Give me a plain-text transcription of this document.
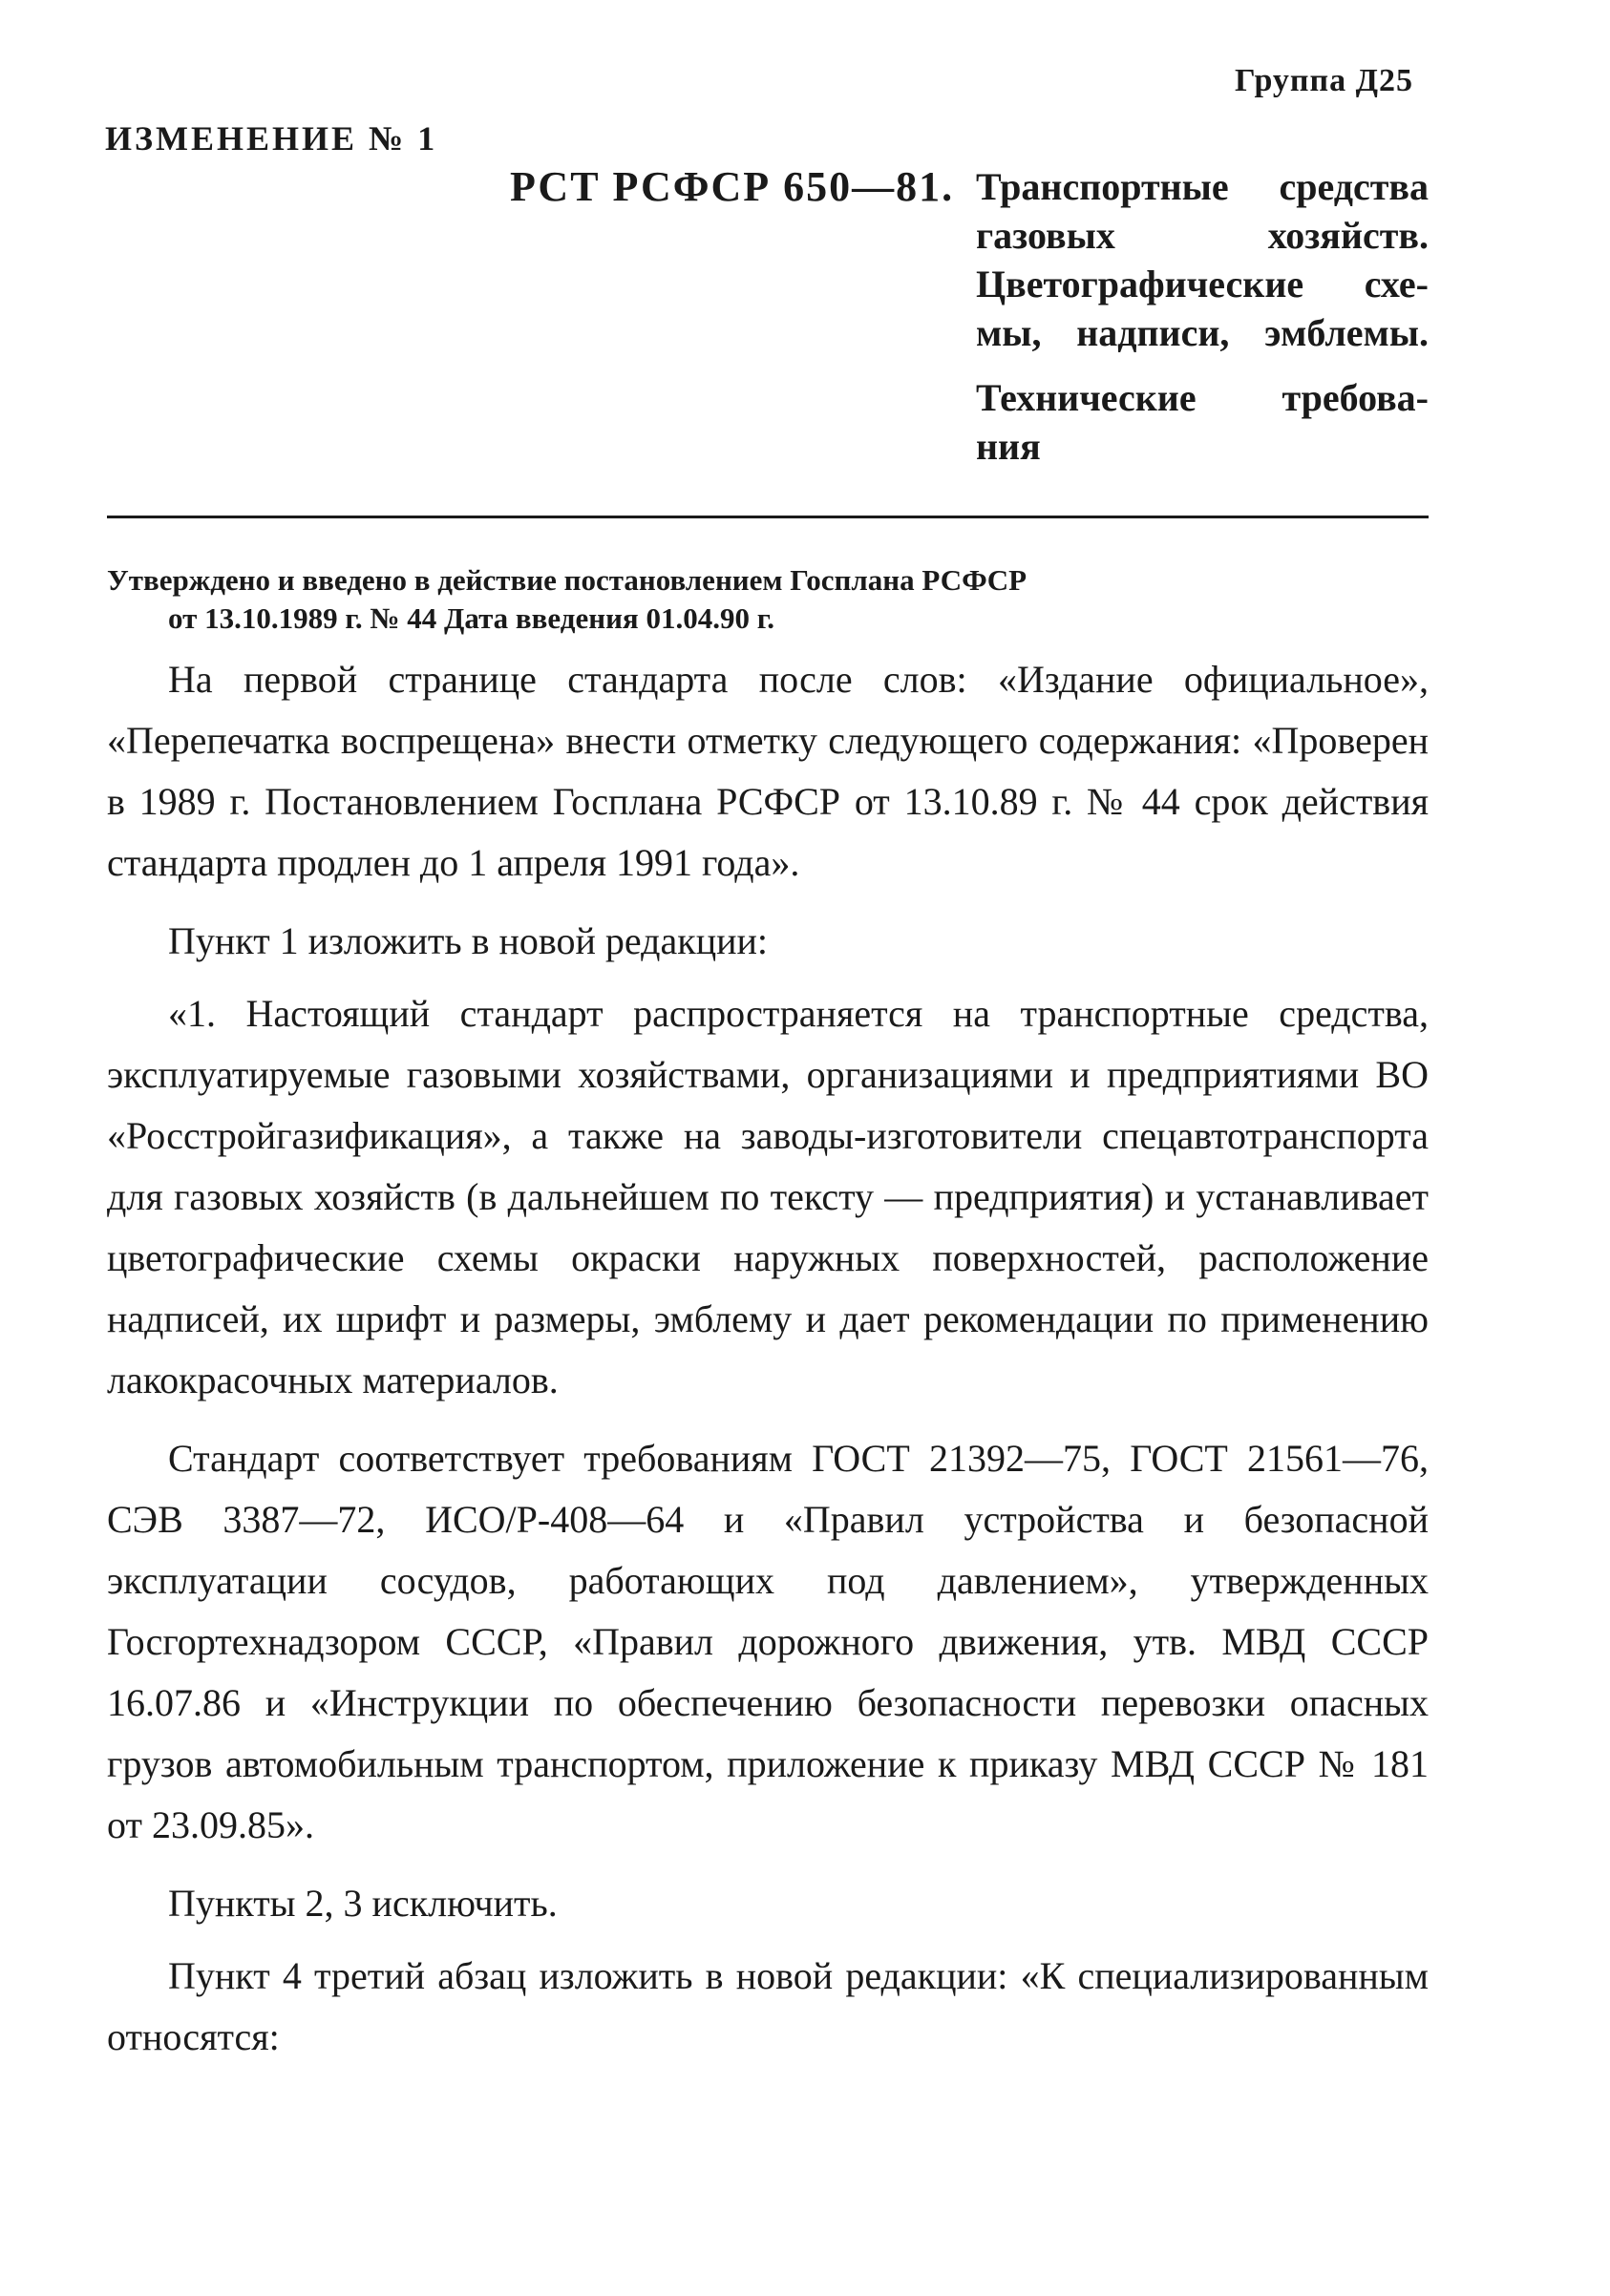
Группа Д25
ИЗМЕНЕНИЕ № 1
РСТ РСФСР 650—81. Транспортные средства
газовых хозяйств.
Цветографические схе-
мы, надписи, эмблемы.
Технические требова-
ния
Утверждено и введено в действие постановлением Госплана РСФСР
от 13.10.1989 г. № 44 Дата введения 01.04.90 г.

На первой странице стандарта после слов: «Издание официальное», «Перепечатка воспрещена» внести отметку следующего содержания: «Проверен в 1989 г. Постановлением Госплана РСФСР от 13.10.89 г. № 44 срок действия стандарта продлен до 1 апреля 1991 года».

Пункт 1 изложить в новой редакции:

«1. Настоящий стандарт распространяется на транспортные средства, эксплуатируемые газовыми хозяйствами, организациями и предприятиями ВО «Росстройгазификация», а также на заводы-изготовители спецавтотранспорта для газовых хозяйств (в дальнейшем по тексту — предприятия) и устанавливает цветографические схемы окраски наружных поверхностей, расположение надписей, их шрифт и размеры, эмблему и дает рекомендации по применению лакокрасочных материалов.

Стандарт соответствует требованиям ГОСТ 21392—75, ГОСТ 21561—76, СЭВ 3387—72, ИСО/Р-408—64 и «Правил устройства и безопасной эксплуатации сосудов, работающих под давлением», утвержденных Госгортехнадзором СССР, «Правил дорожного движения, утв. МВД СССР 16.07.86 и «Инструкции по обеспечению безопасности перевозки опасных грузов автомобильным транспортом, приложение к приказу МВД СССР № 181 от 23.09.85».

Пункты 2, 3 исключить.

Пункт 4 третий абзац изложить в новой редакции: «К специализированным относятся:
